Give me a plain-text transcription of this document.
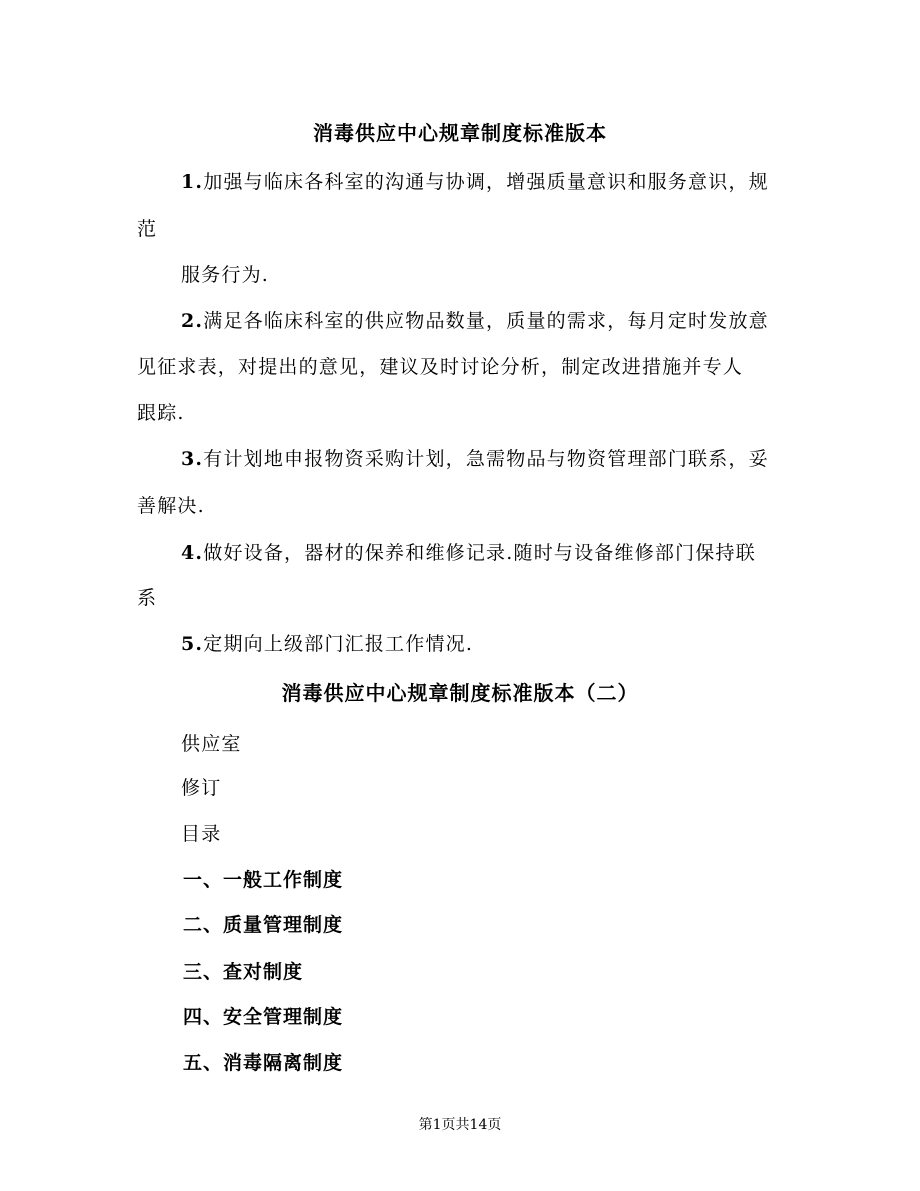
消毒供应中心规章制度标准版本
1.加强与临床各科室的沟通与协调，增强质量意识和服务意识，规
范
服务行为.
2.满足各临床科室的供应物品数量，质量的需求，每月定时发放意
见征求表，对提出的意见，建议及时讨论分析，制定改进措施并专人
跟踪.
3.有计划地申报物资采购计划，急需物品与物资管理部门联系，妥
善解决.
4.做好设备，器材的保养和维修记录.随时与设备维修部门保持联
系
5.定期向上级部门汇报工作情况.
消毒供应中心规章制度标准版本（二）
供应室
修订
目录
一、一般工作制度
二、质量管理制度
三、查对制度
四、安全管理制度
五、消毒隔离制度
第1页共14页
